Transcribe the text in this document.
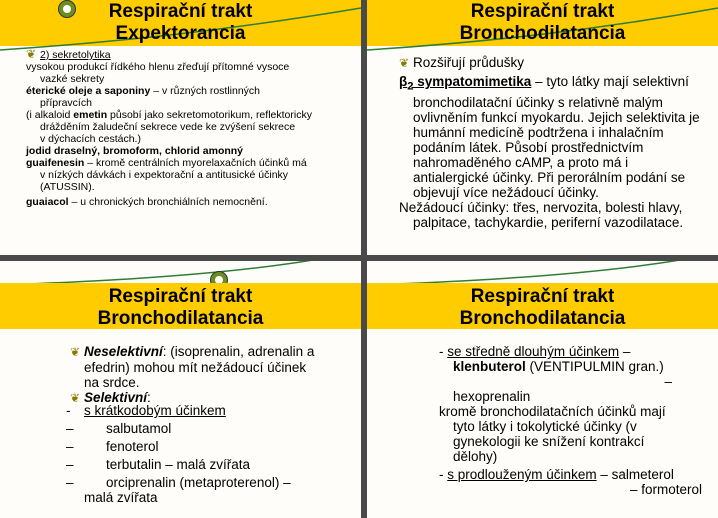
Respirační trakt
Expektorancia

❦ 2) sekretolytika

vysokou produkcí řídkého hlenu zřeďují přítomné vysoce

vazké sekrety

éterické oleje a saponiny – v různých rostlinných

přípravcích

(i alkaloid emetin působí jako sekretomotorikum, reflektoricky

drážděním žaludeční sekrece vede ke zvýšení sekrece

v dýchacích cestách.)

jodid draselný, bromoform, chlorid amonný

guaifenesin – kromě centrálních myorelaxačních účinků má

v nízkých dávkách i expektorační a antitusické účinky

(ATUSSIN).

guaiacol – u chronických bronchiálních nemocnění.

Respirační trakt
Bronchodilatancia

❦ Rozšiřují průdušky

$\beta_2$ sympatomimetika – tyto látky mají selektivní

bronchodilatační účinky s relativně malým

ovlivněním funkcí myokardu. Jejich selektivita je

humánní medicíně podtržena i inhalačním

podáním látek. Působí prostřednictvím

nahromaděného cAMP, a proto má i

antialergické účinky. Při perorálním podání se

objevují více nežádoucí účinky.

Nežádoucí účinky: třes, nervozita, bolesti hlavy,

palpitace, tachykardie, periferní vazodilatace.

Respirační trakt
Bronchodilatancia

❦ Neselektivní: (isoprenalin, adrenalin a

efedrin) mohou mít nežádoucí účinek

na srdce.

❦ Selektivní:

- s krátkodobým účinkem

– salbutamol

– fenoterol

– terbutalin – malá zvířata

– orciprenalin (metaproterenol) –

malá zvířata

Respirační trakt
Bronchodilatancia

- se středně dlouhým účinkem –

klenbuterol (VENTIPULMIN gran.)

–

hexoprenalin

kromě bronchodilatačních účinků mají

tyto látky i tokolytické účinky (v

gynekologii ke snížení kontrakcí

dělohy)

- s prodlouženým účinkem – salmeterol

– formoterol
